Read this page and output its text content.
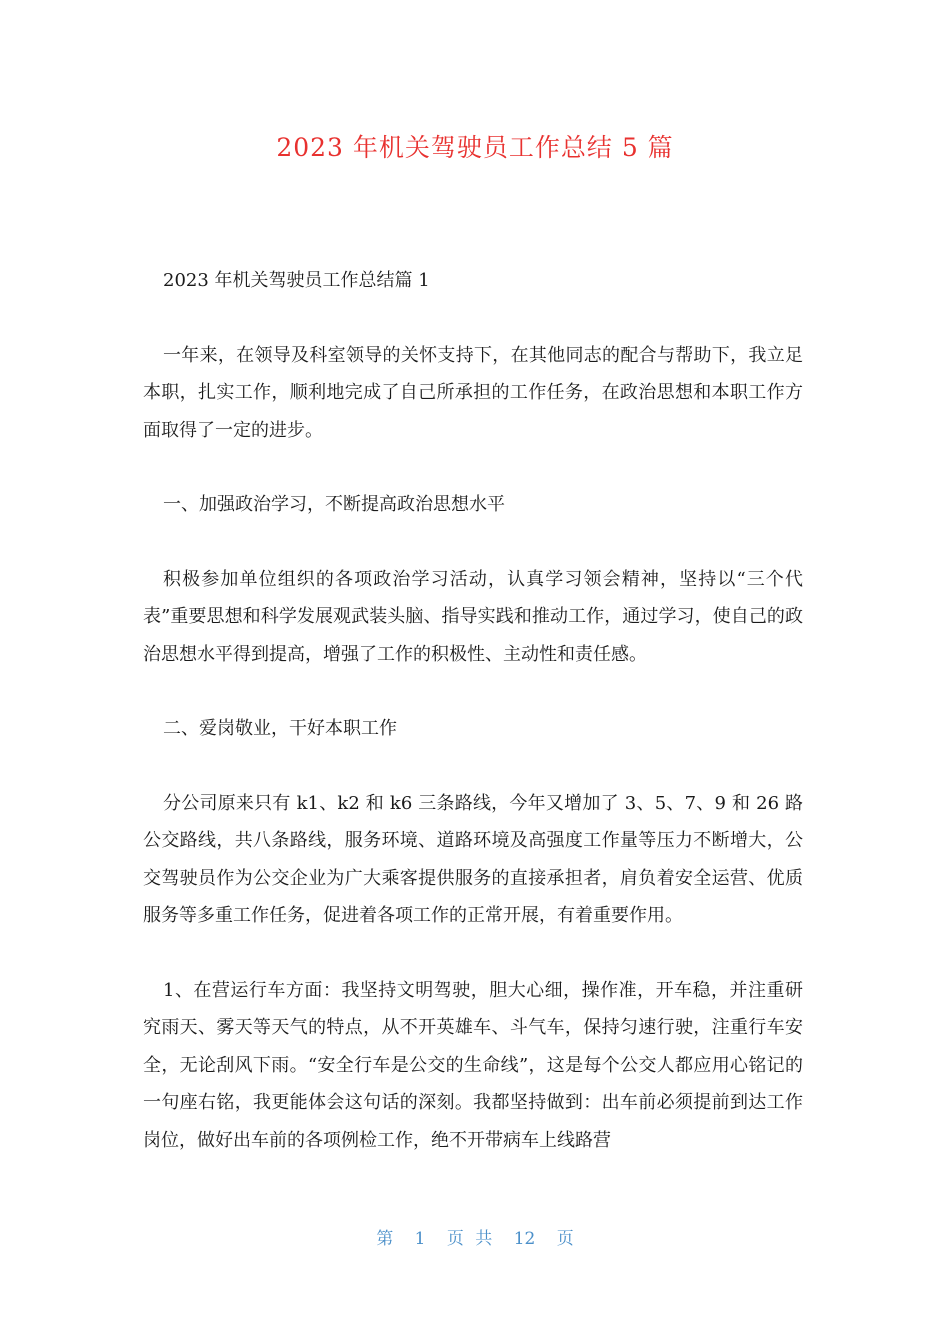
2023 年机关驾驶员工作总结 5 篇

2023 年机关驾驶员工作总结篇 1

一年来，在领导及科室领导的关怀支持下，在其他同志的配合与帮助下，我立足本职，扎实工作，顺利地完成了自己所承担的工作任务，在政治思想和本职工作方面取得了一定的进步。

一、加强政治学习，不断提高政治思想水平

积极参加单位组织的各项政治学习活动，认真学习领会精神，坚持以“三个代表”重要思想和科学发展观武装头脑、指导实践和推动工作，通过学习，使自己的政治思想水平得到提高，增强了工作的积极性、主动性和责任感。

二、爱岗敬业，干好本职工作

分公司原来只有 k1、k2 和 k6 三条路线，今年又增加了 3、5、7、9 和 26 路公交路线，共八条路线，服务环境、道路环境及高强度工作量等压力不断增大，公交驾驶员作为公交企业为广大乘客提供服务的直接承担者，肩负着安全运营、优质服务等多重工作任务，促进着各项工作的正常开展，有着重要作用。

1、在营运行车方面：我坚持文明驾驶，胆大心细，操作准，开车稳，并注重研究雨天、雾天等天气的特点，从不开英雄车、斗气车，保持匀速行驶，注重行车安全，无论刮风下雨。“安全行车是公交的生命线”，这是每个公交人都应用心铭记的一句座右铭，我更能体会这句话的深刻。我都坚持做到：出车前必须提前到达工作岗位，做好出车前的各项例检工作，绝不开带病车上线路营

第 1 页 共 12 页
